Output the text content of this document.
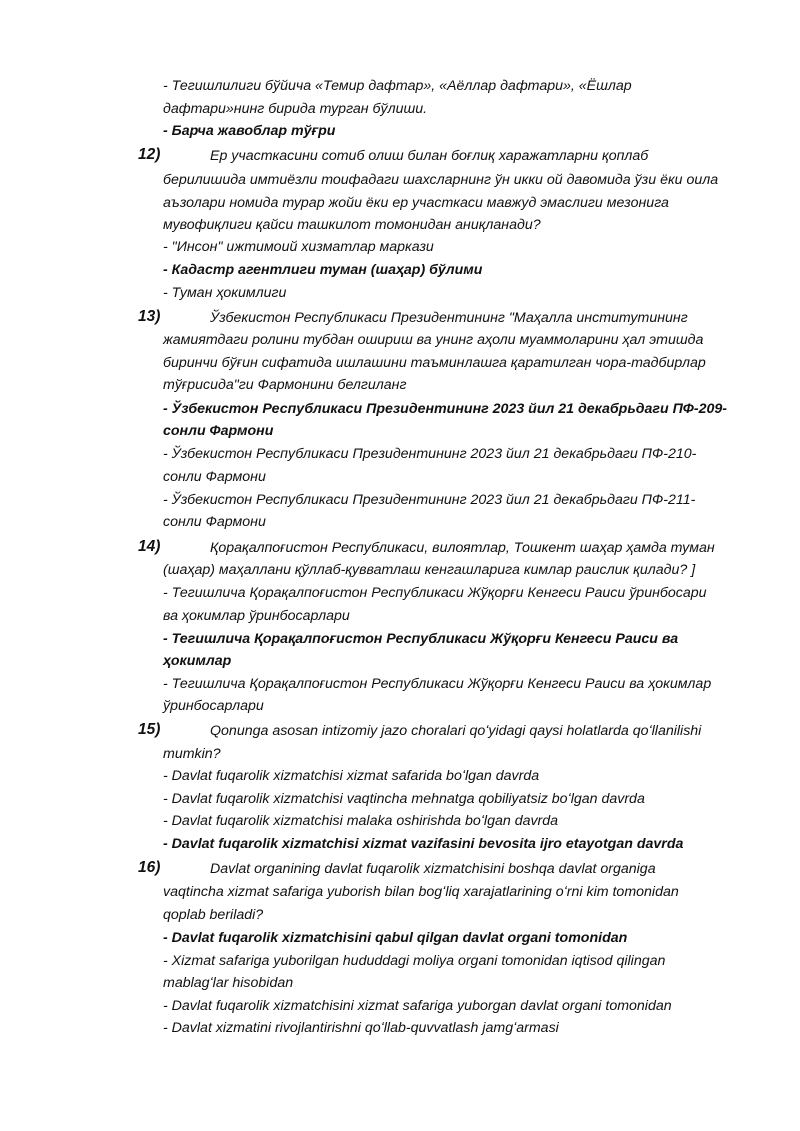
- Тегишлилиги бўйича «Темир дафтар», «Аёллар дафтари», «Ёшлар
дафтари»нинг бирида турган бўлиши.
- Барча жавоблар тўғри
12)	Ер участкасини сотиб олиш билан боғлиқ харажатларни қоплаб
берилишида имтиёзли тоифадаги шахсларнинг ўн икки ой давомида ўзи ёки оила
аъзолари номида турар жойи ёки ер участкаси мавжуд эмаслиги мезонига
мувофиқлиги қайси ташкилот томонидан аниқланади?
- "Инсон" ижтимоий хизматлар маркази
- Кадастр агентлиги туман (шаҳар) бўлими
- Туман ҳокимлиги
13)	Ўзбекистон Республикаси Президентининг "Маҳалла институтининг
жамиятдаги ролини тубдан ошириш ва унинг аҳоли муаммоларини ҳал этишда
биринчи бўғин сифатида ишлашини таъминлашга қаратилган чора-тадбирлар
тўғрисида"ги Фармонини белгиланг
- Ўзбекистон Республикаси Президентининг 2023 йил 21 декабрьдаги ПФ-209-
сонли Фармони
- Ўзбекистон Республикаси Президентининг 2023 йил 21 декабрьдаги ПФ-210-
сонли Фармони
- Ўзбекистон Республикаси Президентининг 2023 йил 21 декабрьдаги ПФ-211-
сонли Фармони
14)	Қорақалпоғистон Республикаси, вилоятлар, Тошкент шаҳар ҳамда туман
(шаҳар) маҳаллани қўллаб-қувватлаш кенгашларига кимлар раислик қилади? ]
- Тегишлича Қорақалпоғистон Республикаси Жўқорғи Кенгеси Раиси ўринбосари
ва ҳокимлар ўринбосарлари
- Тегишлича Қорақалпоғистон Республикаси Жўқорғи Кенгеси Раиси ва
ҳокимлар
- Тегишлича Қорақалпоғистон Республикаси Жўқорғи Кенгеси Раиси ва ҳокимлар
ўринбосарлари
15)	Qonunga asosan intizomiy jazo choralari qoʻyidagi qaysi holatlarda qoʻllanilishi
mumkin?
- Davlat fuqarolik xizmatchisi xizmat safarida boʻlgan davrda
- Davlat fuqarolik xizmatchisi vaqtincha mehnatga qobiliyatsiz boʻlgan davrda
- Davlat fuqarolik xizmatchisi malaka oshirishda boʻlgan davrda
- Davlat fuqarolik xizmatchisi xizmat vazifasini bevosita ijro etayotgan davrda
16)	Davlat organining davlat fuqarolik xizmatchisini boshqa davlat organiga
vaqtincha xizmat safariga yuborish bilan bogʻliq xarajatlarining oʻrni kim tomonidan
qoplab beriladi?
- Davlat fuqarolik xizmatchisini qabul qilgan davlat organi tomonidan
- Xizmat safariga yuborilgan hududdagi moliya organi tomonidan iqtisod qilingan
mablagʻlar hisobidan
- Davlat fuqarolik xizmatchisini xizmat safariga yuborgan davlat organi tomonidan
- Davlat xizmatini rivojlantirishni qoʻllab-quvvatlash jamgʻarmasi
